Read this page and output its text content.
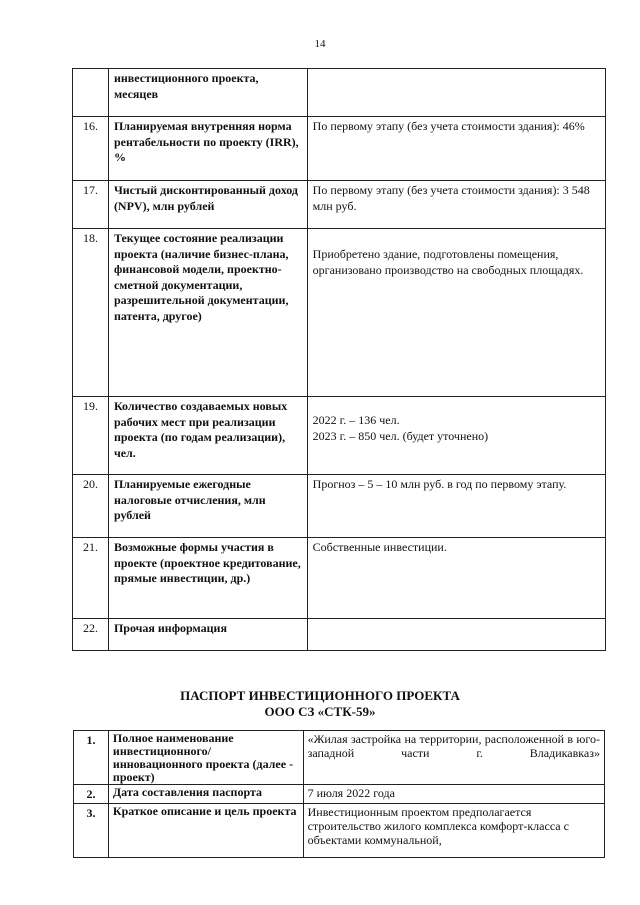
14
	инвестиционного проекта, месяцев	
16.	Планируемая внутренняя норма рентабельности по проекту (IRR), %	По первому этапу (без учета стоимости здания): 46%
17.	Чистый дисконтированный доход (NPV), млн рублей	По первому этапу (без учета стоимости здания): 3 548 млн руб.
18.	Текущее состояние реализации проекта (наличие бизнес-плана, финансовой модели, проектно-сметной документации, разрешительной документации, патента, другое)	Приобретено здание, подготовлены помещения, организовано производство на свободных площадях.
19.	Количество создаваемых новых рабочих мест при реализации проекта (по годам реализации), чел.	2022 г. – 136 чел.
2023 г. – 850 чел. (будет уточнено)

20.	Планируемые ежегодные налоговые отчисления, млн рублей	Прогноз – 5 – 10 млн руб. в год по первому этапу.
21.	Возможные формы участия в проекте (проектное кредитование, прямые инвестиции, др.)	Собственные инвестиции.
22.	Прочая информация	
ПАСПОРТ ИНВЕСТИЦИОННОГО ПРОЕКТА
ООО СЗ «СТК-59»
1.	Полное наименование инвестиционного/инновационного проекта (далее - проект)	«Жилая застройка на территории, расположенной в юго-западной части г. Владикавказ»
2.	Дата составления паспорта	7 июля 2022 года
3.	Краткое описание и цель проекта	Инвестиционным проектом предполагается строительство жилого комплекса комфорт-класса с объектами коммунальной,
